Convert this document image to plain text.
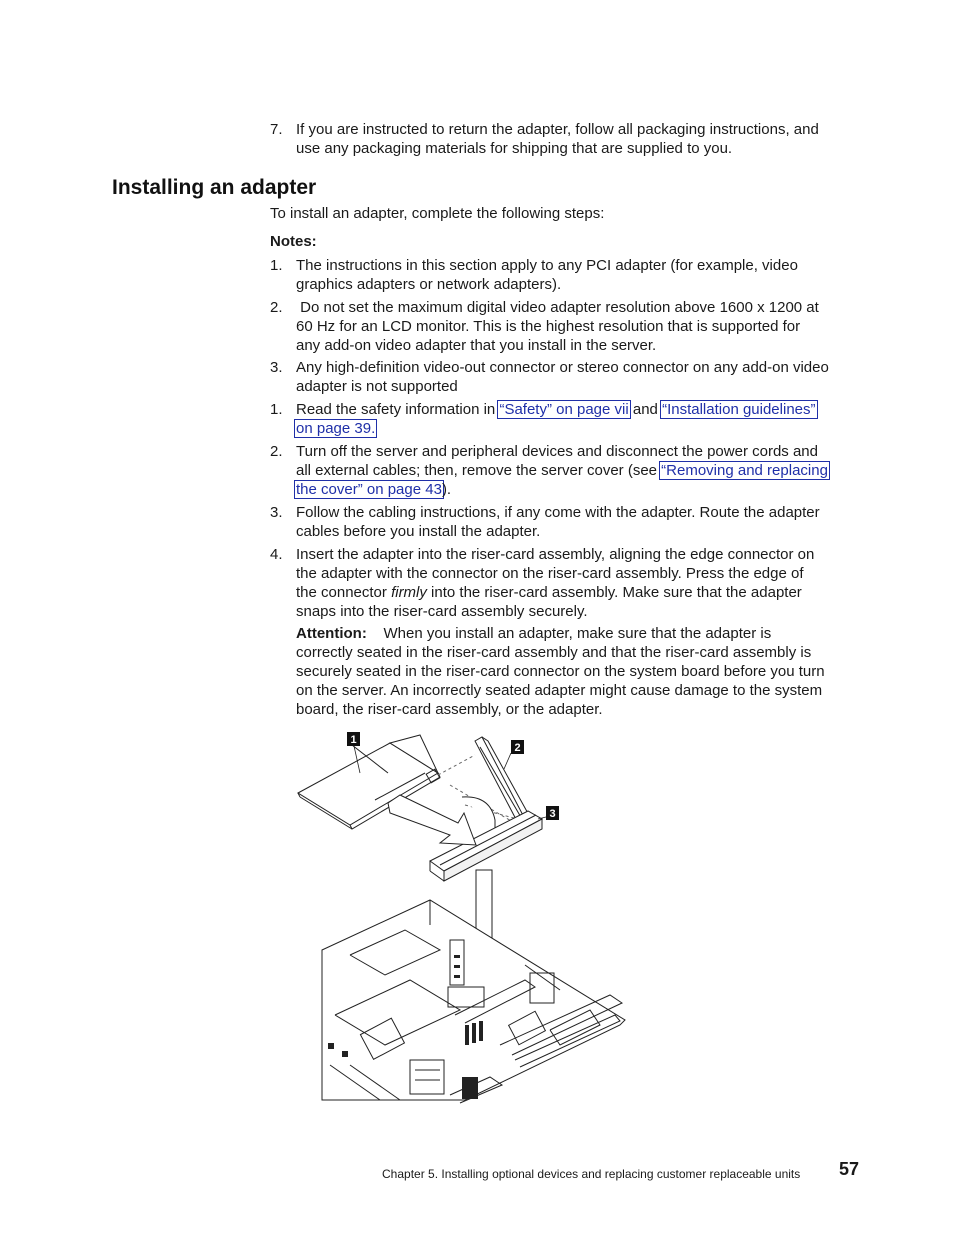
7. If you are instructed to return the adapter, follow all packaging instructions, and
use any packaging materials for shipping that are supplied to you.
Installing an adapter
To install an adapter, complete the following steps:
Notes:
1. The instructions in this section apply to any PCI adapter (for example, video
graphics adapters or network adapters).
2. Do not set the maximum digital video adapter resolution above 1600 x 1200 at
60 Hz for an LCD monitor. This is the highest resolution that is supported for
any add-on video adapter that you install in the server.
3. Any high-definition video-out connector or stereo connector on any add-on video
adapter is not supported
1. Read the safety information in “Safety” on page vii and “Installation guidelines”
on page 39.
2. Turn off the server and peripheral devices and disconnect the power cords and
all external cables; then, remove the server cover (see “Removing and replacing
the cover” on page 43).
3. Follow the cabling instructions, if any come with the adapter. Route the adapter
cables before you install the adapter.
4. Insert the adapter into the riser-card assembly, aligning the edge connector on
the adapter with the connector on the riser-card assembly. Press the edge of
the connector firmly into the riser-card assembly. Make sure that the adapter
snaps into the riser-card assembly securely.
Attention: When you install an adapter, make sure that the adapter is
correctly seated in the riser-card assembly and that the riser-card assembly is
securely seated in the riser-card connector on the system board before you turn
on the server. An incorrectly seated adapter might cause damage to the system
board, the riser-card assembly, or the adapter.
1
2
3
Chapter 5. Installing optional devices and replacing customer replaceable units 57
